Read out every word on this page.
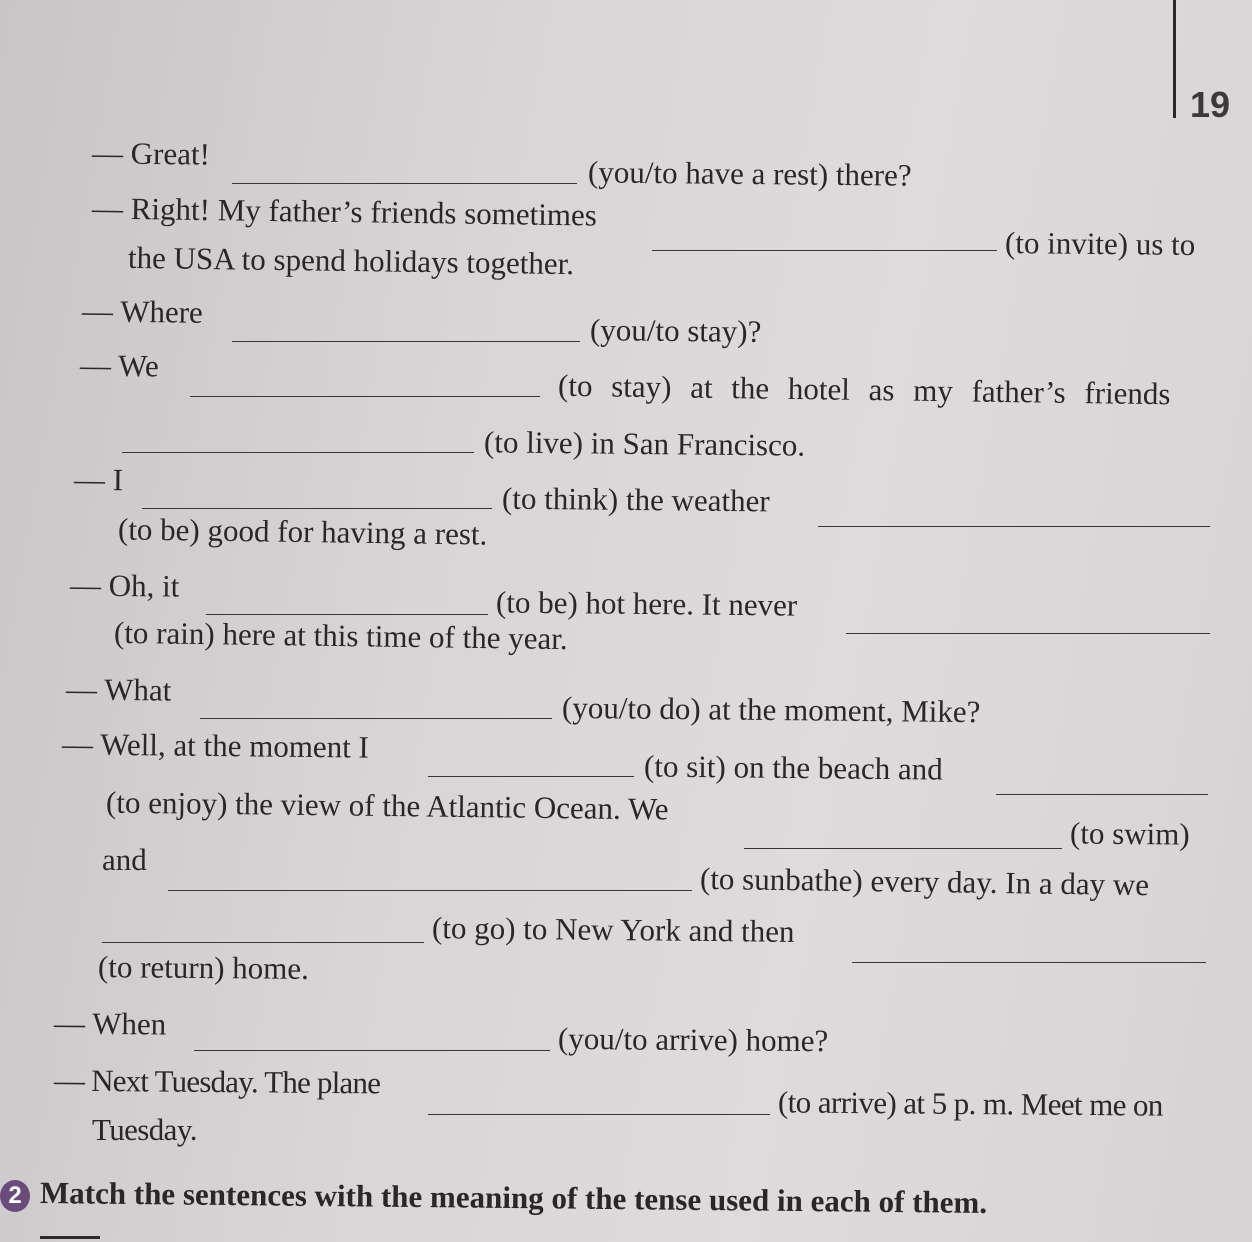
19
— Great!
(you/to have a rest) there?
— Right! My father’s friends sometimes
(to invite) us to
the USA to spend holidays together.
— Where
(you/to stay)?
— We
(to stay) at the hotel as my father’s friends
(to live) in San Francisco.
— I
(to think) the weather
(to be) good for having a rest.
— Oh, it	(to be) hot here. It never
(to rain) here at this time of the year.
— What
(you/to do) at the moment, Mike?
— Well, at the moment I
(to sit) on the beach and
(to enjoy) the view of the Atlantic Ocean. We
(to swim)
and
(to sunbathe) every day. In a day we
(to go) to New York and then
(to return) home.
— When	(you/to arrive) home?
— Next Tuesday. The plane
(to arrive) at 5 p. m. Meet me on
Tuesday.
2 Match the sentences with the meaning of the tense used in each of them.
